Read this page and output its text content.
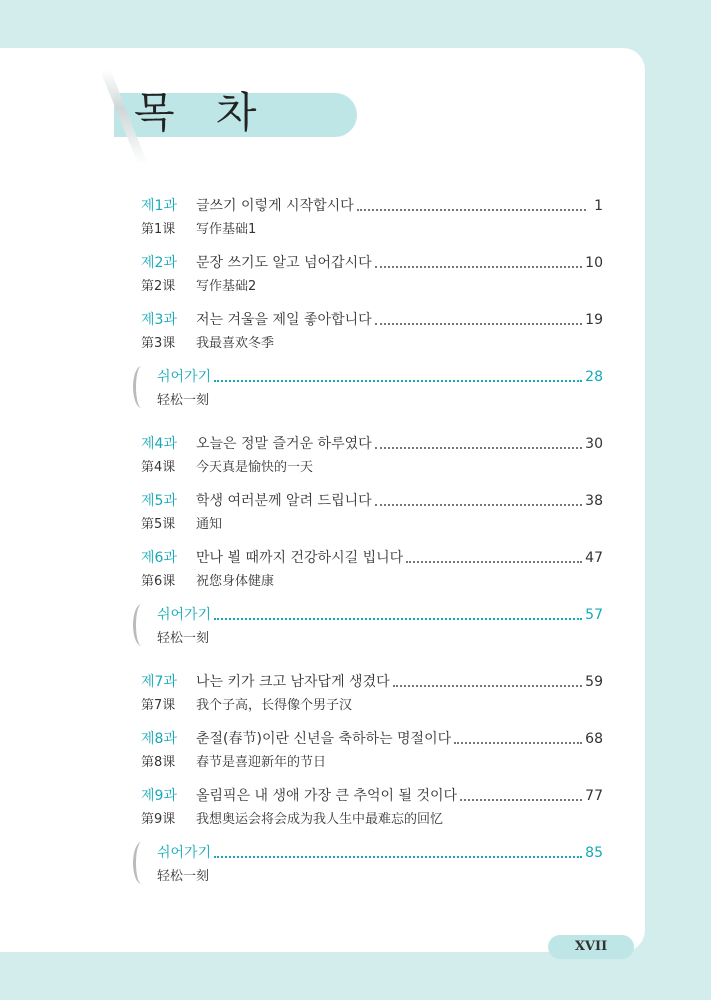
목 차
제1과	글쓰기 이렇게 시작합시다	1
第1课	写作基础1
제2과	문장 쓰기도 알고 넘어갑시다	10
第2课	写作基础2
제3과	저는 겨울을 제일 좋아합니다	19
第3课	我最喜欢冬季
쉬어가기	28
轻松一刻
제4과	오늘은 정말 즐거운 하루였다	30
第4课	今天真是愉快的一天
제5과	학생 여러분께 알려 드립니다	38
第5课	通知
제6과	만나 뵐 때까지 건강하시길 빕니다	47
第6课	祝您身体健康
쉬어가기	57
轻松一刻
제7과	나는 키가 크고 남자답게 생겼다	59
第7课	我个子高，长得像个男子汉
제8과	춘절(春节)이란 신년을 축하하는 명절이다	68
第8课	春节是喜迎新年的节日
제9과	올림픽은 내 생애 가장 큰 추억이 될 것이다	77
第9课	我想奥运会将会成为我人生中最难忘的回忆
쉬어가기	85
轻松一刻
XVII
